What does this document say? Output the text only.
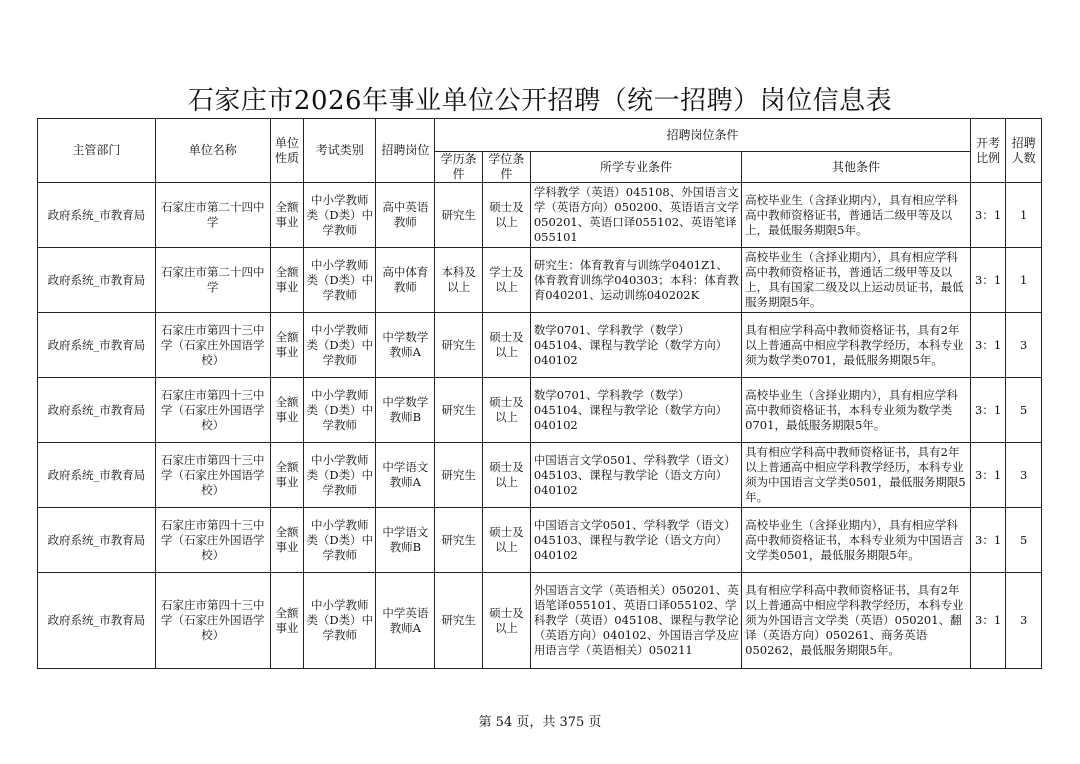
石家庄市2026年事业单位公开招聘（统一招聘）岗位信息表
主管部门	单位名称	单位性质	考试类别	招聘岗位	招聘岗位条件				开考比例	招聘人数
					学历条件	学位条件	所学专业条件	其他条件		
政府系统_市教育局	石家庄市第二十四中学	全额事业	中小学教师类（D类）中学教师	高中英语教师	研究生	硕士及以上	学科教学（英语）045108、外国语言文学（英语方向）050200、英语语言文学050201、英语口译055102、英语笔译055101	高校毕业生（含择业期内），具有相应学科高中教师资格证书，普通话二级甲等及以上，最低服务期限5年。	3：1	1
政府系统_市教育局	石家庄市第二十四中学	全额事业	中小学教师类（D类）中学教师	高中体育教师	本科及以上	学士及以上	研究生：体育教育与训练学0401Z1、体育教育训练学040303；本科：体育教育040201、运动训练040202K	高校毕业生（含择业期内），具有相应学科高中教师资格证书，普通话二级甲等及以上，具有国家二级及以上运动员证书，最低服务期限5年。	3：1	1
政府系统_市教育局	石家庄市第四十三中学（石家庄外国语学校）	全额事业	中小学教师类（D类）中学教师	中学数学教师A	研究生	硕士及以上	数学0701、学科教学（数学）045104、课程与教学论（数学方向）040102	具有相应学科高中教师资格证书，具有2年以上普通高中相应学科教学经历，本科专业须为数学类0701，最低服务期限5年。	3：1	3
政府系统_市教育局	石家庄市第四十三中学（石家庄外国语学校）	全额事业	中小学教师类（D类）中学教师	中学数学教师B	研究生	硕士及以上	数学0701、学科教学（数学）045104、课程与教学论（数学方向）040102	高校毕业生（含择业期内），具有相应学科高中教师资格证书，本科专业须为数学类0701，最低服务期限5年。	3：1	5
政府系统_市教育局	石家庄市第四十三中学（石家庄外国语学校）	全额事业	中小学教师类（D类）中学教师	中学语文教师A	研究生	硕士及以上	中国语言文学0501、学科教学（语文）045103、课程与教学论（语文方向）040102	具有相应学科高中教师资格证书，具有2年以上普通高中相应学科教学经历，本科专业须为中国语言文学类0501，最低服务期限5年。	3：1	3
政府系统_市教育局	石家庄市第四十三中学（石家庄外国语学校）	全额事业	中小学教师类（D类）中学教师	中学语文教师B	研究生	硕士及以上	中国语言文学0501、学科教学（语文）045103、课程与教学论（语文方向）040102	高校毕业生（含择业期内），具有相应学科高中教师资格证书，本科专业须为中国语言文学类0501，最低服务期限5年。	3：1	5
政府系统_市教育局	石家庄市第四十三中学（石家庄外国语学校）	全额事业	中小学教师类（D类）中学教师	中学英语教师A	研究生	硕士及以上	外国语言文学（英语相关）050201、英语笔译055101、英语口译055102、学科教学（英语）045108、课程与教学论（英语方向）040102、外国语言学及应用语言学（英语相关）050211	具有相应学科高中教师资格证书，具有2年以上普通高中相应学科教学经历，本科专业须为外国语言文学类（英语）050201、翻译（英语方向）050261、商务英语050262，最低服务期限5年。	3：1	3
第 54 页，共 375 页
